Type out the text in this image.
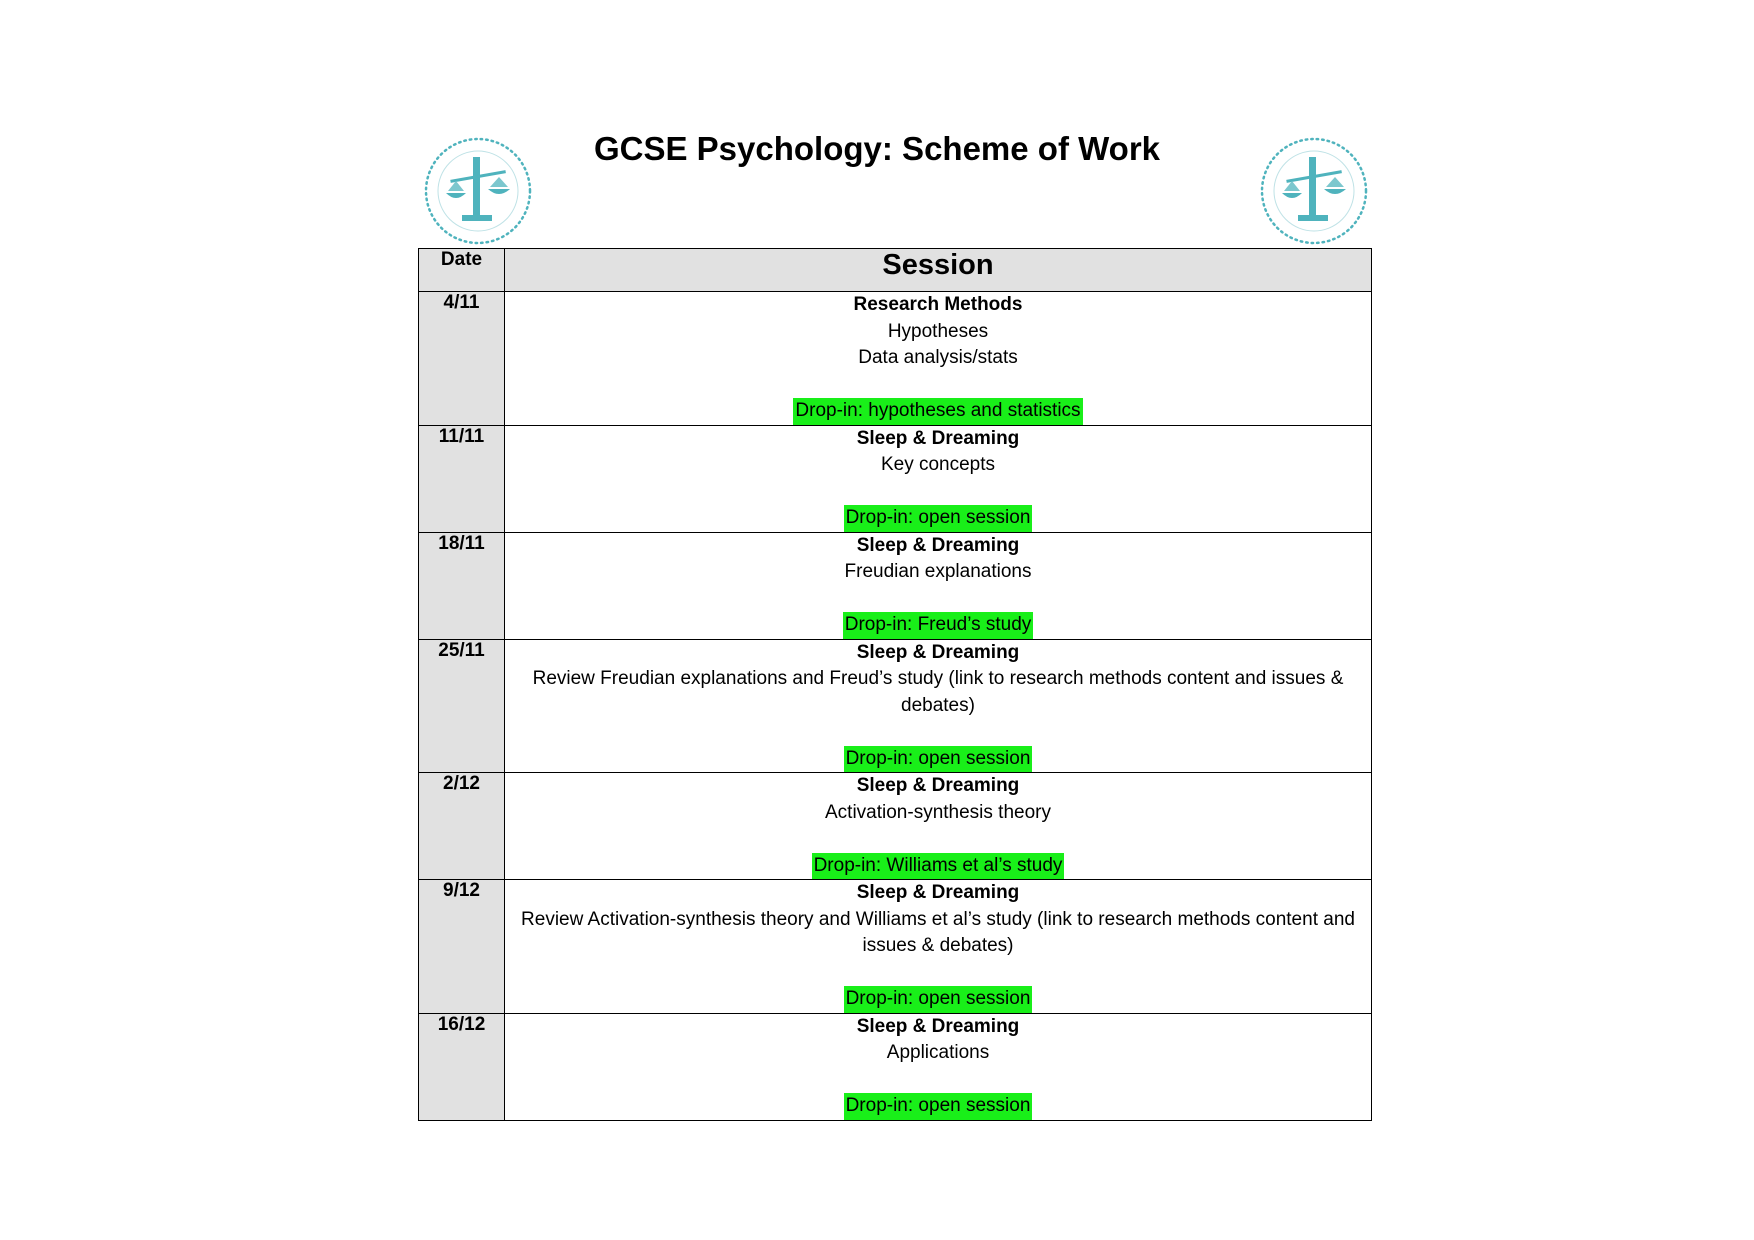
GCSE Psychology: Scheme of Work
Date	Session
4/11	Research Methods
Hypotheses
Data analysis/stats
Drop-in: hypotheses and statistics

11/11	Sleep & Dreaming
Key concepts
Drop-in: open session

18/11	Sleep & Dreaming
Freudian explanations
Drop-in: Freud’s study

25/11	Sleep & Dreaming
Review Freudian explanations and Freud’s study (link to research methods content and issues & debates)
Drop-in: open session

2/12	Sleep & Dreaming
Activation-synthesis theory
Drop-in: Williams et al’s study

9/12	Sleep & Dreaming
Review Activation-synthesis theory and Williams et al’s study (link to research methods content and issues & debates)
Drop-in: open session

16/12	Sleep & Dreaming
Applications
Drop-in: open session
